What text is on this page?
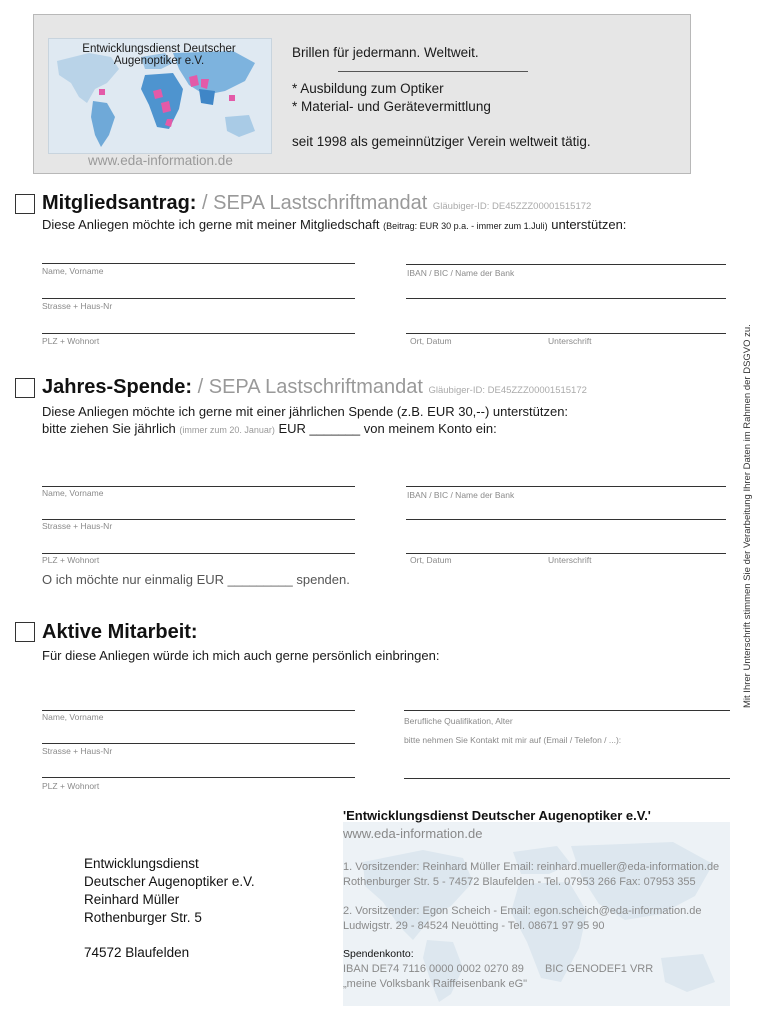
Entwicklungsdienst Deutscher Augenoptiker e.V.
www.eda-information.de
Brillen für jedermann. Weltweit.
* Ausbildung zum Optiker
* Material- und Gerätevermittlung
seit 1998 als gemeinnütziger Verein weltweit tätig.
Mitgliedsantrag: / SEPA Lastschriftmandat Gläubiger-ID: DE45ZZZ00001515172
Diese Anliegen möchte ich gerne mit meiner Mitgliedschaft (Beitrag: EUR 30 p.a. - immer zum 1.Juli) unterstützen:
Name, Vorname	IBAN / BIC / Name der Bank
Strasse + Haus-Nr
PLZ + Wohnort	Ort, Datum	Unterschrift
Jahres-Spende: / SEPA Lastschriftmandat Gläubiger-ID: DE45ZZZ00001515172
Diese Anliegen möchte ich gerne mit einer jährlichen Spende (z.B. EUR 30,--) unterstützen:
bitte ziehen Sie jährlich (immer zum 20. Januar) EUR _______ von meinem Konto ein:
Name, Vorname	IBAN / BIC / Name der Bank
Strasse + Haus-Nr
PLZ + Wohnort	Ort, Datum	Unterschrift
O ich möchte nur einmalig EUR _________ spenden.
Aktive Mitarbeit:
Für diese Anliegen würde ich mich auch gerne persönlich einbringen:
Name, Vorname	Berufliche Qualifikation, Alter
bitte nehmen Sie Kontakt mit mir auf (Email / Telefon / ...):
Strasse + Haus-Nr
PLZ + Wohnort
Mit Ihrer Unterschrift stimmen Sie der Verarbeitung Ihrer Daten im Rahmen der DSGVO zu.
'Entwicklungsdienst Deutscher Augenoptiker e.V.'
www.eda-information.de
1. Vorsitzender: Reinhard Müller Email: reinhard.mueller@eda-information.de
Rothenburger Str. 5 - 74572 Blaufelden - Tel. 07953 266 Fax: 07953 355
2. Vorsitzender: Egon Scheich - Email: egon.scheich@eda-information.de
Ludwigstr. 29 - 84524 Neuötting - Tel. 08671 97 95 90
Spendenkonto:
IBAN DE74 7116 0000 0002 0270 89 BIC GENODEF1 VRR
„meine Volksbank Raiffeisenbank eG"
Entwicklungsdienst
Deutscher Augenoptiker e.V.
Reinhard Müller
Rothenburger Str. 5
74572 Blaufelden
